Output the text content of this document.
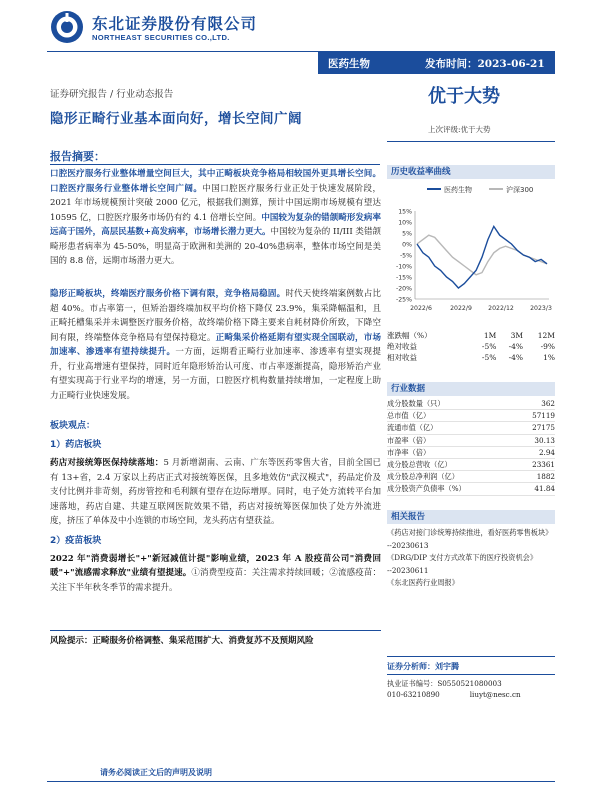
东北证券股份有限公司
NORTHEAST SECURITIES CO.,LTD.
医药生物	发布时间：2023-06-21
证券研究报告 / 行业动态报告	优于大势
隐形正畸行业基本面向好，增长空间广阔
上次评级:优于大势
报告摘要：

口腔医疗服务行业整体增量空间巨大，其中正畸板块竞争格局相较国外更具增长空间。口腔医疗服务行业整体增长空间广阔。中国口腔医疗服务行业正处于快速发展阶段，2021 年市场规模预计突破 2000 亿元，根据我们测算，预计中国远期市场规模有望达 10595 亿，口腔医疗服务市场仍有约 4.1 倍增长空间。中国较为复杂的错颌畸形发病率远高于国外，高层民基数+高发病率，市场增长潜力更大。中国较为复杂的 II/III 类错颌畸形患者病率为 45-50%，明显高于欧洲和美洲的 20-40%患病率，整体市场空间是美国的 8.8 倍，远期市场潜力更大。

隐形正畸板块，终端医疗服务价格下调有限，竞争格局稳固。时代天使终端案例数占比超 40%。市占率第一，但矫治器终端加权平均价格下降仅 23.9%，集采降幅温和，且正畸托槽集采并未调整医疗服务价格，故终端价格下降主要来自耗材降价所致，下降空间有限，终端整体竞争格局有望保持稳定。正畸集采价格延期有望实现全国联动，市场加速率、渗透率有望持续提升。一方面，远期看正畸行业加速率、渗透率有望实现提升，行业高增速有望保持，同时近年隐形矫治认可度、市占率逐渐提高，隐形矫治产业有望实现高于行业平均的增速，另一方面，口腔医疗机构数量持续增加，一定程度上助力正畸行业快速发展。

板块观点：
1）药店板块

药店对接统筹医保持续落地：5 月新增湖南、云南、广东等医药零售大省，目前全国已有 13+省，2.4 万家以上药店正式对接统筹医保，且多地效仿"武汉模式"，药品定价及支付比例并非苛刻，药房管控和毛利额有望存在边际增厚。同时，电子处方流转平台加速落地，药店自建、共建互联网医院效果不错，药店对接统筹医保加快了处方外流进度，挤压了单体及中小连锁的市场空间，龙头药店有望获益。

2）疫苗板块

2022 年"消费弱增长"+"新冠减值计提"影响业绩，2023 年 A 股疫苗公司"消费回暖"+"流感需求释放"业绩有望提速。①消费型疫苗：关注需求持续回暖；②流感疫苗：关注下半年秋冬季节的需求提升。

风险提示：正畸服务价格调整、集采范围扩大、消费复苏不及预期风险
历史收益率曲线
医药生物	沪深300
15%
10%
5%
0%
-5%
-10%
-15%
-20%
-25%
2022/6	2022/9	2022/12	2023/3
涨跌幅（%）	1M	3M	12M
绝对收益	-5%	-4%	-9%
相对收益	-5%	-4%	1%
行业数据
成分股数量（只）	362
总市值（亿）	57119
流通市值（亿）	27175
市盈率（倍）	30.13
市净率（倍）	2.94
成分股总营收（亿）	23361
成分股总净利润（亿）	1882
成分股资产负债率（%）	41.84
相关报告
《药店对接门诊统筹持续推进，看好医药零售板块》
--20230613
《DRG/DIP 支付方式改革下的医疗投资机会》
--20230611
《东北医药行业周报》
证券分析师：刘宇腾
执业证书编号：S0550521080003
010-63210890	liuyt@nesc.cn
请务必阅读正文后的声明及说明
